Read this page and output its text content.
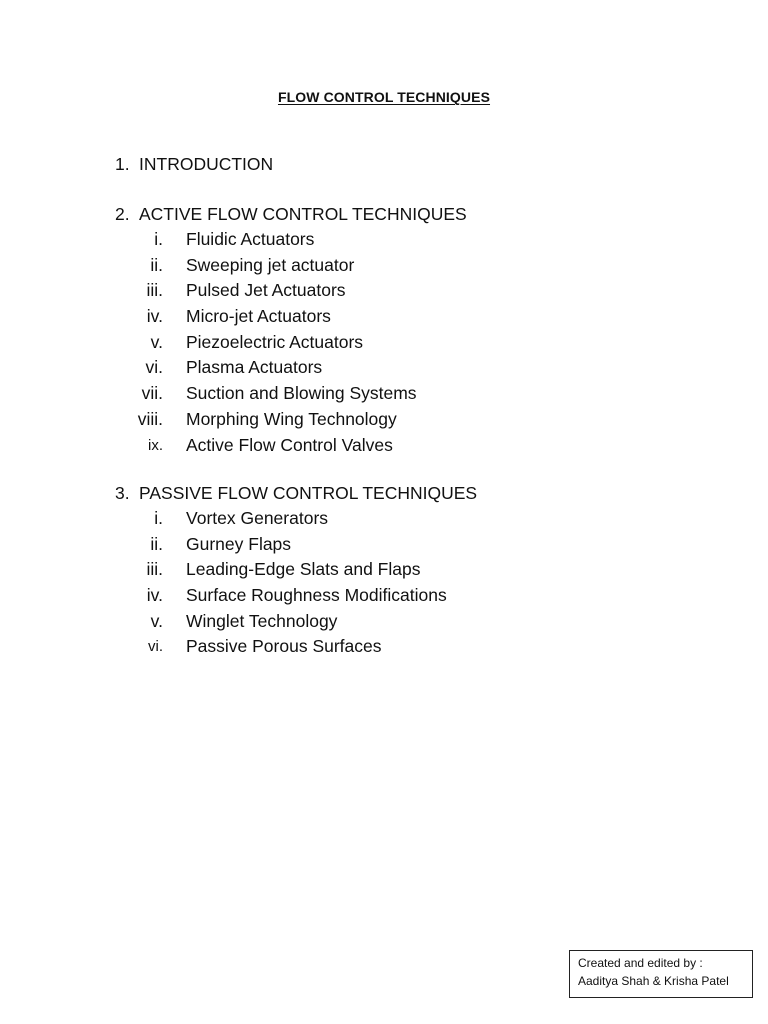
FLOW CONTROL TECHNIQUES
1. INTRODUCTION
2. ACTIVE FLOW CONTROL TECHNIQUES
i. Fluidic Actuators
ii. Sweeping jet actuator
iii. Pulsed Jet Actuators
iv. Micro-jet Actuators
v. Piezoelectric Actuators
vi. Plasma Actuators
vii. Suction and Blowing Systems
viii. Morphing Wing Technology
ix. Active Flow Control Valves
3. PASSIVE FLOW CONTROL TECHNIQUES
i. Vortex Generators
ii. Gurney Flaps
iii. Leading-Edge Slats and Flaps
iv. Surface Roughness Modifications
v. Winglet Technology
vi. Passive Porous Surfaces
Created and edited by :
Aaditya Shah & Krisha Patel
